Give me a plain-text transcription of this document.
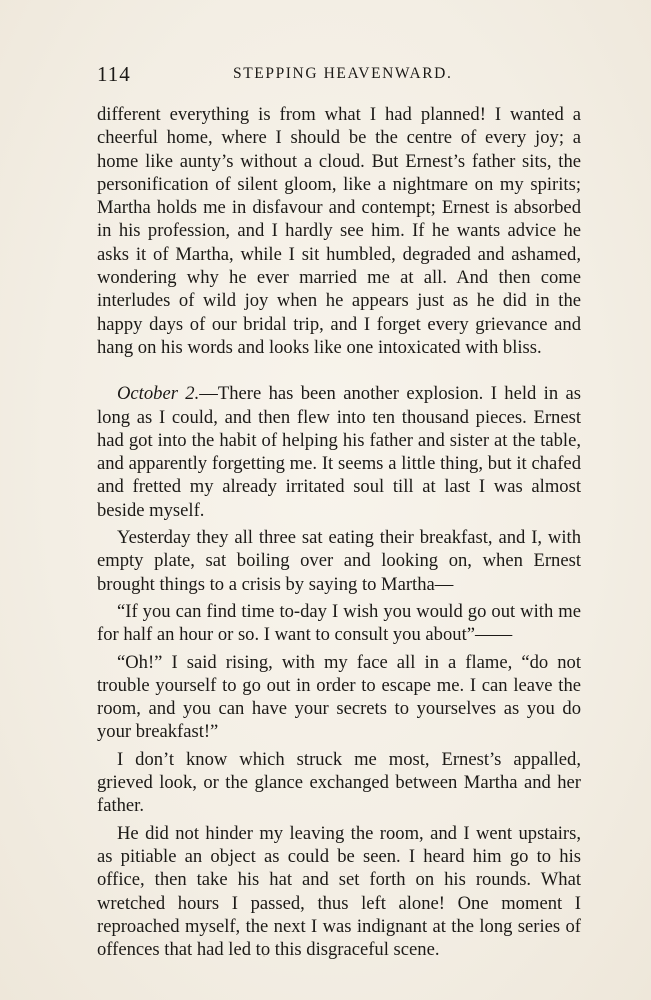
114	STEPPING HEAVENWARD.

different everything is from what I had planned! I wanted a cheerful home, where I should be the centre of every joy; a home like aunty’s without a cloud. But Ernest’s father sits, the personification of silent gloom, like a nightmare on my spirits; Martha holds me in disfavour and contempt; Ernest is absorbed in his profession, and I hardly see him. If he wants advice he asks it of Martha, while I sit humbled, degraded and ashamed, wondering why he ever married me at all. And then come interludes of wild joy when he appears just as he did in the happy days of our bridal trip, and I forget every grievance and hang on his words and looks like one intoxicated with bliss.

October 2.—There has been another explosion. I held in as long as I could, and then flew into ten thousand pieces. Ernest had got into the habit of helping his father and sister at the table, and apparently forgetting me. It seems a little thing, but it chafed and fretted my already irritated soul till at last I was almost beside myself.

Yesterday they all three sat eating their breakfast, and I, with empty plate, sat boiling over and looking on, when Ernest brought things to a crisis by saying to Martha—

“If you can find time to-day I wish you would go out with me for half an hour or so. I want to consult you about”——

“Oh!” I said rising, with my face all in a flame, “do not trouble yourself to go out in order to escape me. I can leave the room, and you can have your secrets to yourselves as you do your breakfast!”

I don’t know which struck me most, Ernest’s appalled, grieved look, or the glance exchanged between Martha and her father.

He did not hinder my leaving the room, and I went upstairs, as pitiable an object as could be seen. I heard him go to his office, then take his hat and set forth on his rounds. What wretched hours I passed, thus left alone! One moment I reproached myself, the next I was indignant at the long series of offences that had led to this disgraceful scene.
